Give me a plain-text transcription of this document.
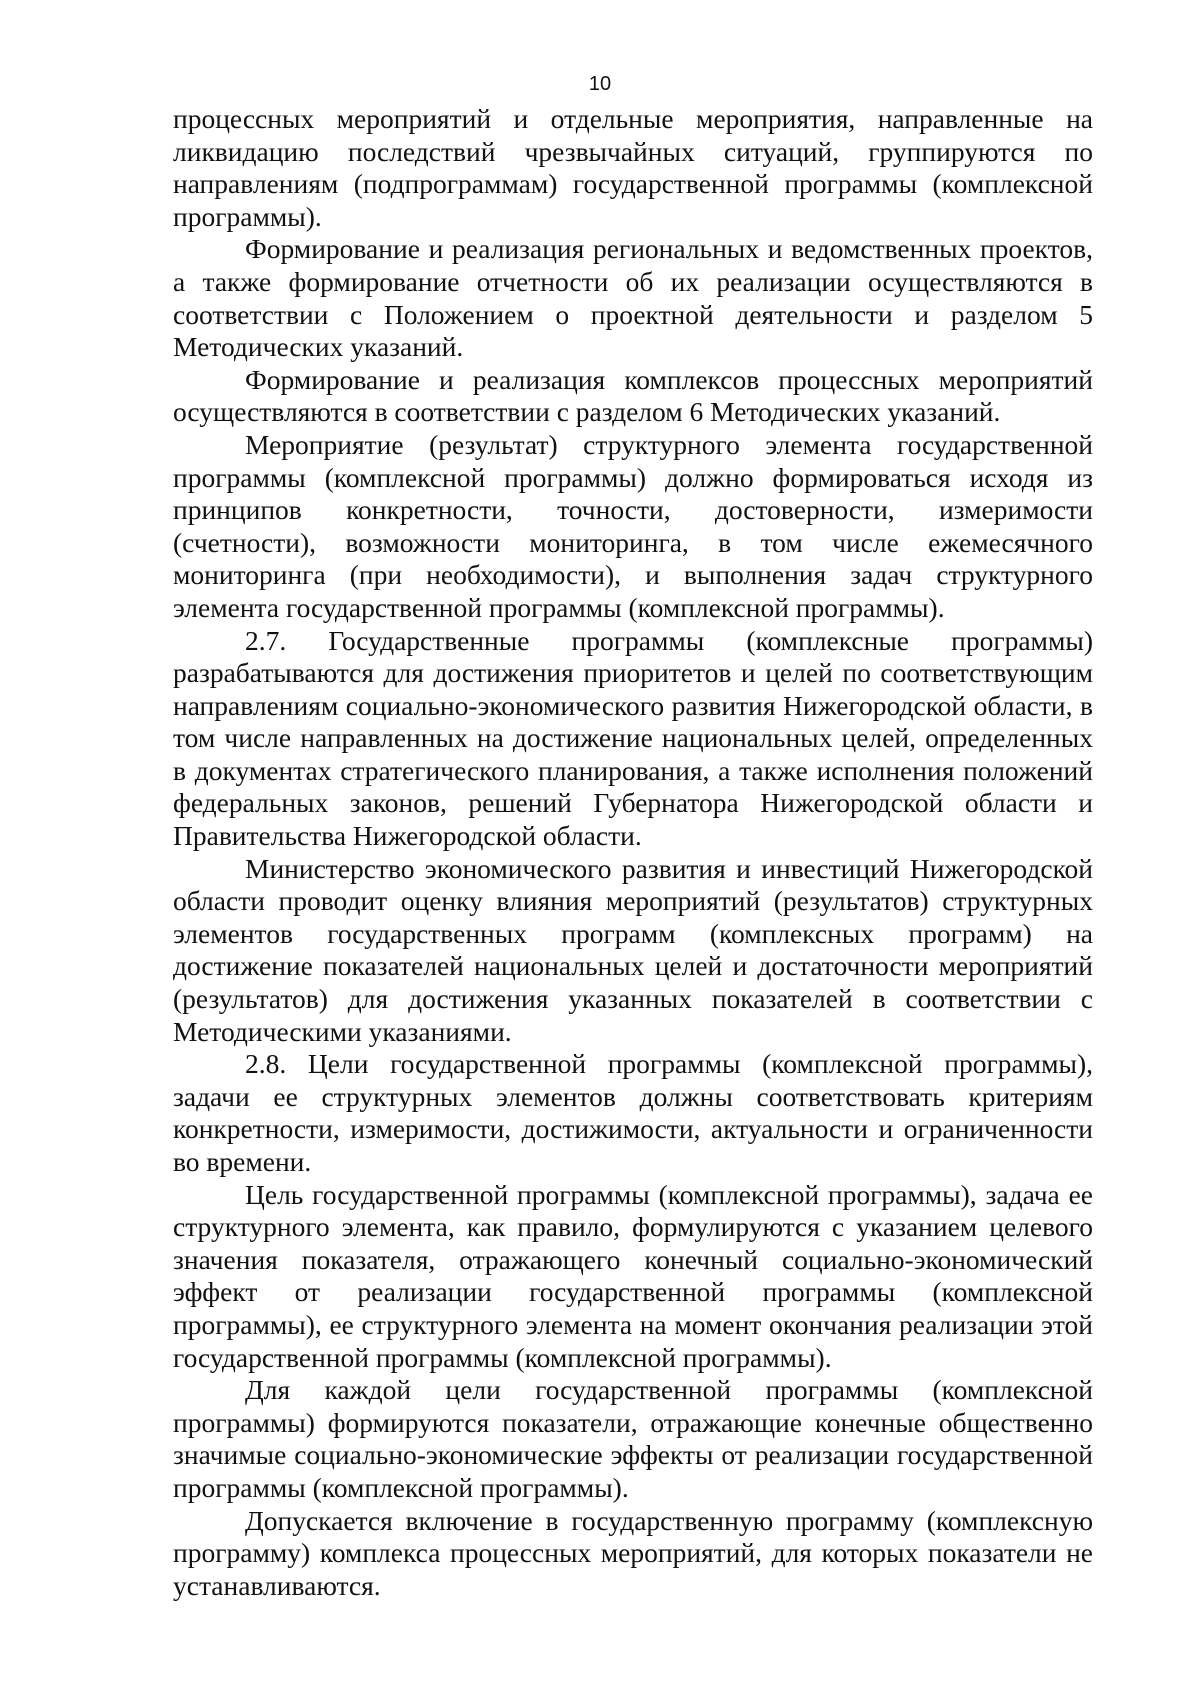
10

процессных мероприятий и отдельные мероприятия, направленные на ликвидацию последствий чрезвычайных ситуаций, группируются по направлениям (подпрограммам) государственной программы (комплексной программы).

Формирование и реализация региональных и ведомственных проектов, а также формирование отчетности об их реализации осуществляются в соответствии с Положением о проектной деятельности и разделом 5 Методических указаний.

Формирование и реализация комплексов процессных мероприятий осуществляются в соответствии с разделом 6 Методических указаний.

Мероприятие (результат) структурного элемента государственной программы (комплексной программы) должно формироваться исходя из принципов конкретности, точности, достоверности, измеримости (счетности), возможности мониторинга, в том числе ежемесячного мониторинга (при необходимости), и выполнения задач структурного элемента государственной программы (комплексной программы).

2.7. Государственные программы (комплексные программы) разрабатываются для достижения приоритетов и целей по соответствующим направлениям социально-экономического развития Нижегородской области, в том числе направленных на достижение национальных целей, определенных в документах стратегического планирования, а также исполнения положений федеральных законов, решений Губернатора Нижегородской области и Правительства Нижегородской области.

Министерство экономического развития и инвестиций Нижегородской области проводит оценку влияния мероприятий (результатов) структурных элементов государственных программ (комплексных программ) на достижение показателей национальных целей и достаточности мероприятий (результатов) для достижения указанных показателей в соответствии с Методическими указаниями.

2.8. Цели государственной программы (комплексной программы), задачи ее структурных элементов должны соответствовать критериям конкретности, измеримости, достижимости, актуальности и ограниченности во времени.

Цель государственной программы (комплексной программы), задача ее структурного элемента, как правило, формулируются с указанием целевого значения показателя, отражающего конечный социально-экономический эффект от реализации государственной программы (комплексной программы), ее структурного элемента на момент окончания реализации этой государственной программы (комплексной программы).

Для каждой цели государственной программы (комплексной программы) формируются показатели, отражающие конечные общественно значимые социально-экономические эффекты от реализации государственной программы (комплексной программы).

Допускается включение в государственную программу (комплексную программу) комплекса процессных мероприятий, для которых показатели не устанавливаются.
